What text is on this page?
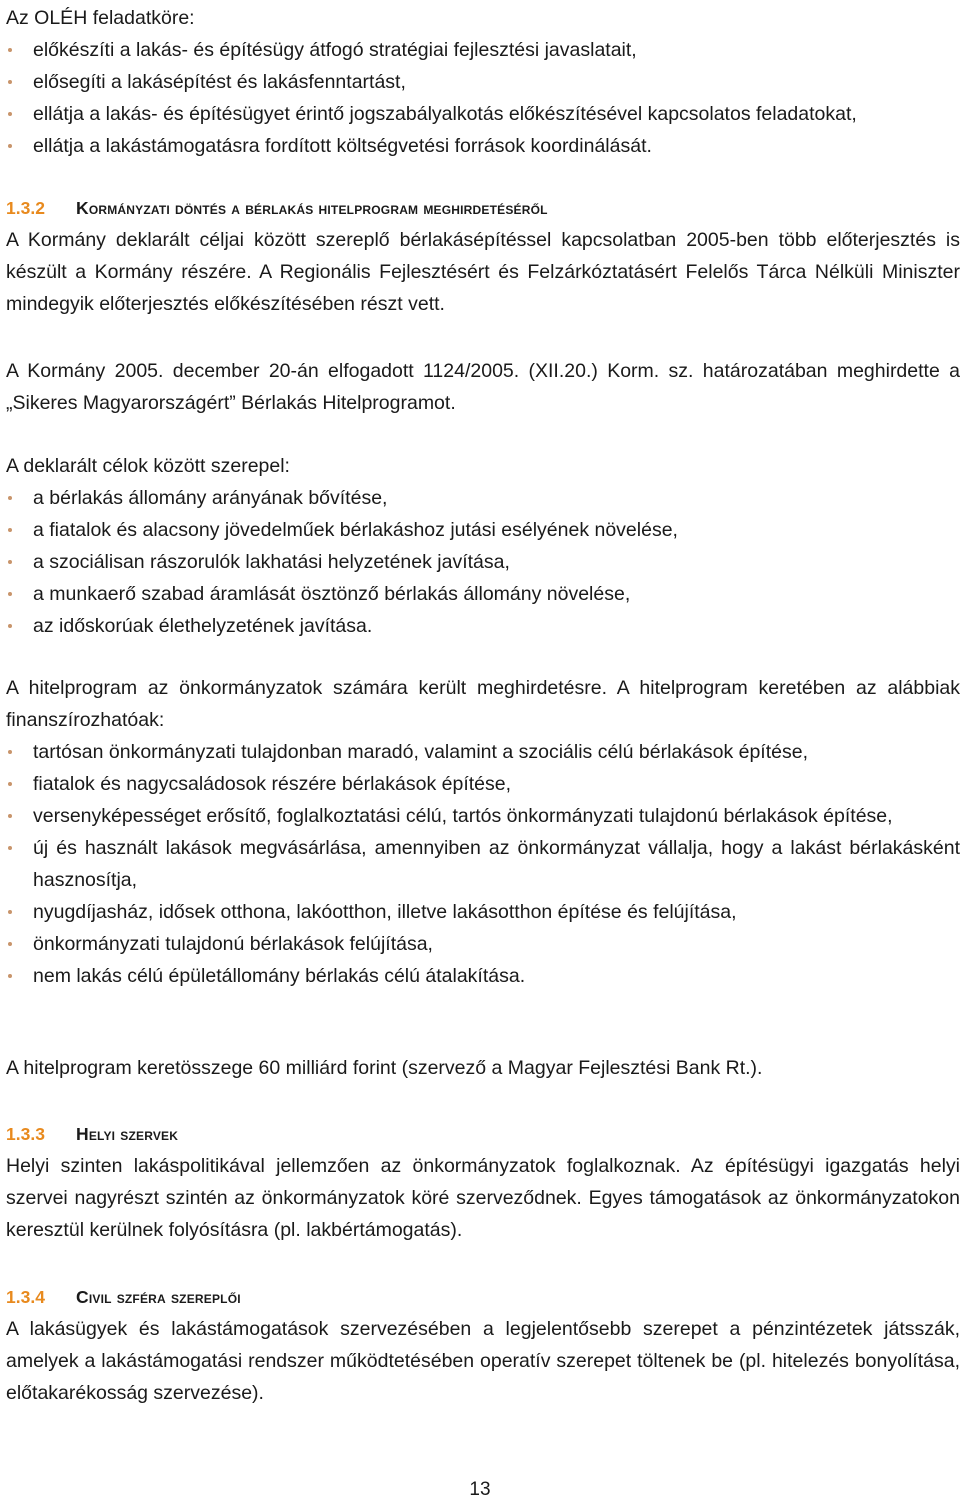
Az OLÉH feladatköre:

előkészíti a lakás- és építésügy átfogó stratégiai fejlesztési javaslatait,
elősegíti a lakásépítést és lakásfenntartást,
ellátja a lakás- és építésügyet érintő jogszabályalkotás előkészítésével kapcsolatos feladatokat,
ellátja a lakástámogatásra fordított költségvetési források koordinálását.
1.3.2	Kormányzati döntés a bérlakás hitelprogram meghirdetéséről

A Kormány deklarált céljai között szereplő bérlakásépítéssel kapcsolatban 2005-ben több előterjesztés is készült a Kormány részére. A Regionális Fejlesztésért és Felzárkóztatásért Felelős Tárca Nélküli Miniszter mindegyik előterjesztés előkészítésében részt vett.

A Kormány 2005. december 20-án elfogadott 1124/2005. (XII.20.) Korm. sz. határozatában meghirdette a „Sikeres Magyarországért” Bérlakás Hitelprogramot.

A deklarált célok között szerepel:

a bérlakás állomány arányának bővítése,
a fiatalok és alacsony jövedelműek bérlakáshoz jutási esélyének növelése,
a szociálisan rászorulók lakhatási helyzetének javítása,
a munkaerő szabad áramlását ösztönző bérlakás állomány növelése,
az időskorúak élethelyzetének javítása.

A hitelprogram az önkormányzatok számára került meghirdetésre. A hitelprogram keretében az alábbiak finanszírozhatóak:

tartósan önkormányzati tulajdonban maradó, valamint a szociális célú bérlakások építése,
fiatalok és nagycsaládosok részére bérlakások építése,
versenyképességet erősítő, foglalkoztatási célú, tartós önkormányzati tulajdonú bérlakások építése,
új és használt lakások megvásárlása, amennyiben az önkormányzat vállalja, hogy a lakást bérlakásként hasznosítja,
nyugdíjasház, idősek otthona, lakóotthon, illetve lakásotthon építése és felújítása,
önkormányzati tulajdonú bérlakások felújítása,
nem lakás célú épületállomány bérlakás célú átalakítása.

A hitelprogram keretösszege 60 milliárd forint (szervező a Magyar Fejlesztési Bank Rt.).

1.3.3	Helyi szervek

Helyi szinten lakáspolitikával jellemzően az önkormányzatok foglalkoznak. Az építésügyi igazgatás helyi szervei nagyrészt szintén az önkormányzatok köré szerveződnek. Egyes támogatások az önkormányzatokon keresztül kerülnek folyósításra (pl. lakbértámogatás).

1.3.4	Civil szféra szereplői

A lakásügyek és lakástámogatások szervezésében a legjelentősebb szerepet a pénzintézetek játsszák, amelyek a lakástámogatási rendszer működtetésében operatív szerepet töltenek be (pl. hitelezés bonyolítása, előtakarékosság szervezése).

13
